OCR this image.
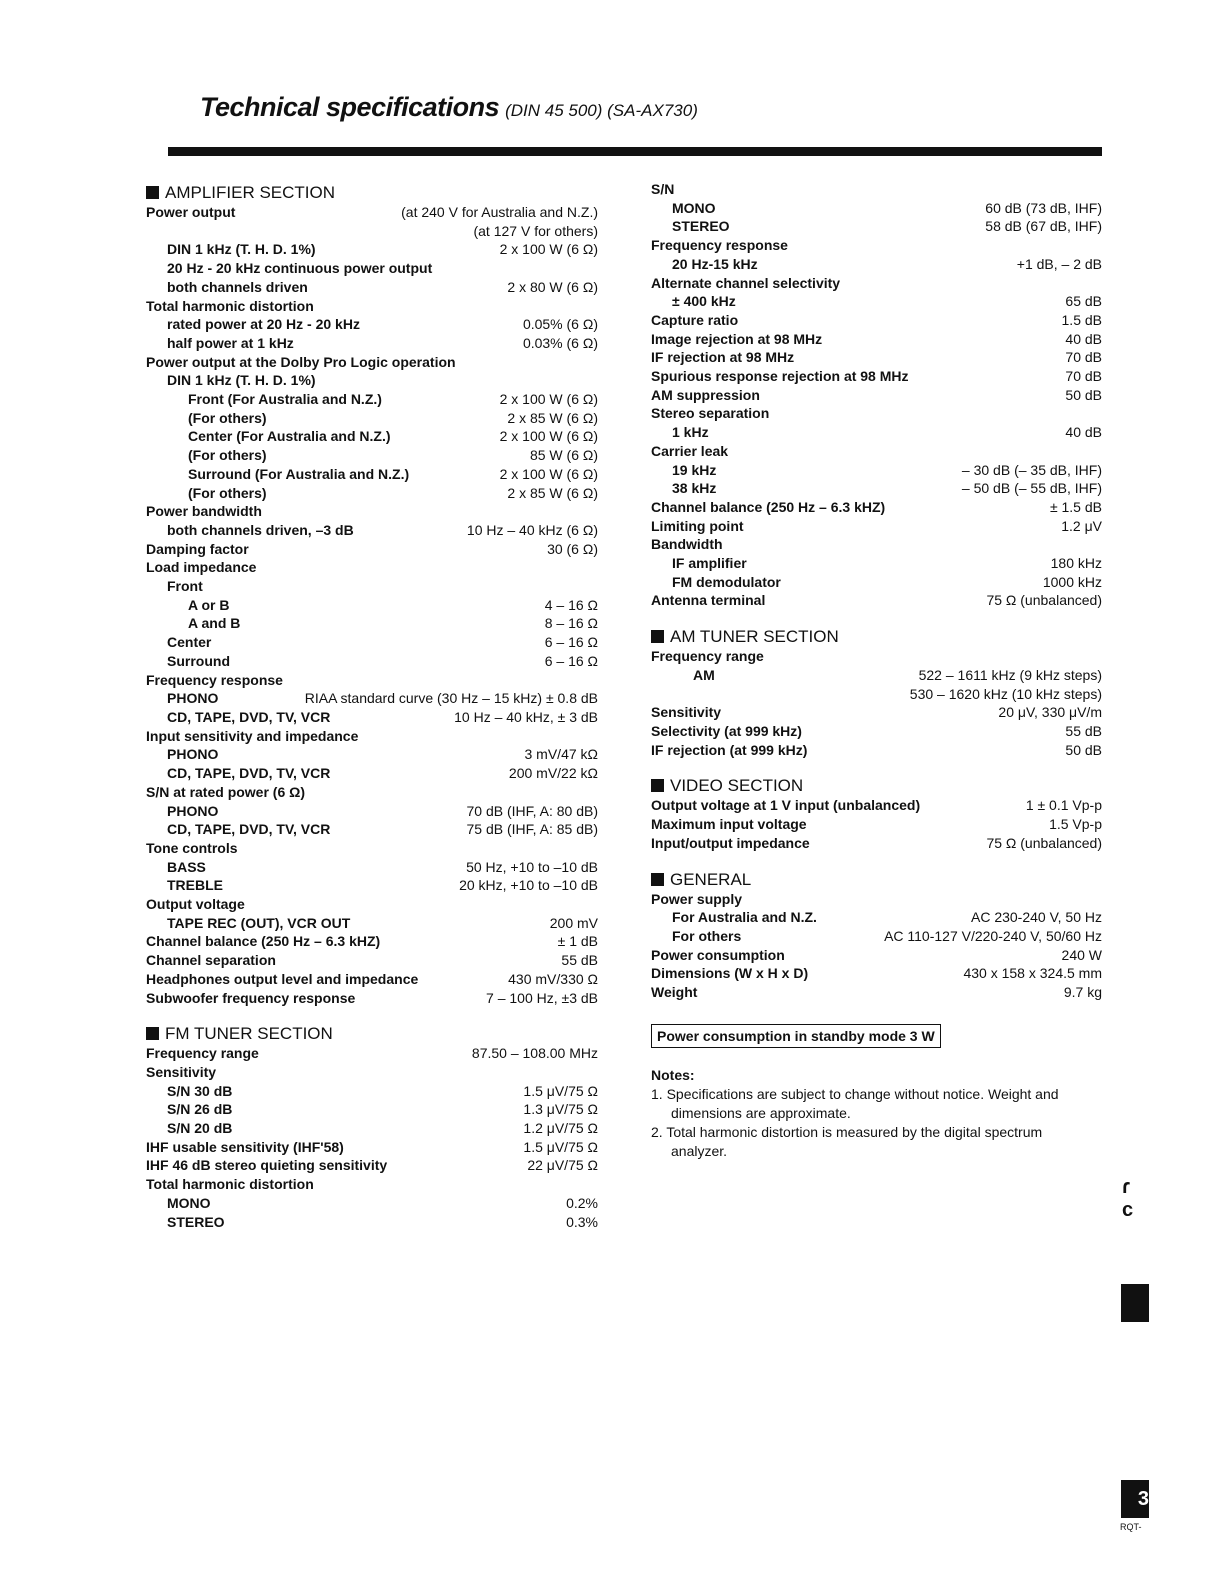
Technical specifications (DIN 45 500) (SA-AX730)
AMPLIFIER SECTION
Power output	(at 240 V for Australia and N.Z.)
(at 127 V for others)
DIN 1 kHz (T. H. D. 1%)	2 x 100 W (6 Ω)
20 Hz - 20 kHz continuous power output
both channels driven	2 x 80 W (6 Ω)
Total harmonic distortion
rated power at 20 Hz - 20 kHz	0.05% (6 Ω)
half power at 1 kHz	0.03% (6 Ω)
Power output at the Dolby Pro Logic operation
DIN 1 kHz (T. H. D. 1%)
Front (For Australia and N.Z.)	2 x 100 W (6 Ω)
(For others)	2 x 85 W (6 Ω)
Center (For Australia and N.Z.)	2 x 100 W (6 Ω)
(For others)	85 W (6 Ω)
Surround (For Australia and N.Z.)	2 x 100 W (6 Ω)
(For others)	2 x 85 W (6 Ω)
Power bandwidth
both channels driven, –3 dB	10 Hz – 40 kHz (6 Ω)
Damping factor	30 (6 Ω)
Load impedance
Front
A or B	4 – 16 Ω
A and B	8 – 16 Ω
Center	6 – 16 Ω
Surround	6 – 16 Ω
Frequency response
PHONO	RIAA standard curve (30 Hz – 15 kHz) ± 0.8 dB
CD, TAPE, DVD, TV, VCR	10 Hz – 40 kHz, ± 3 dB
Input sensitivity and impedance
PHONO	3 mV/47 kΩ
CD, TAPE, DVD, TV, VCR	200 mV/22 kΩ
S/N at rated power (6 Ω)
PHONO	70 dB (IHF, A: 80 dB)
CD, TAPE, DVD, TV, VCR	75 dB (IHF, A: 85 dB)
Tone controls
BASS	50 Hz, +10 to –10 dB
TREBLE	20 kHz, +10 to –10 dB
Output voltage
TAPE REC (OUT), VCR OUT	200 mV
Channel balance (250 Hz – 6.3 kHZ)	± 1 dB
Channel separation	55 dB
Headphones output level and impedance	430 mV/330 Ω
Subwoofer frequency response	7 – 100 Hz, ±3 dB
FM TUNER SECTION
Frequency range	87.50 – 108.00 MHz
Sensitivity
S/N 30 dB	1.5 μV/75 Ω
S/N 26 dB	1.3 μV/75 Ω
S/N 20 dB	1.2 μV/75 Ω
IHF usable sensitivity (IHF'58)	1.5 μV/75 Ω
IHF 46 dB stereo quieting sensitivity	22 μV/75 Ω
Total harmonic distortion
MONO	0.2%
STEREO	0.3%
S/N
MONO	60 dB (73 dB, IHF)
STEREO	58 dB (67 dB, IHF)
Frequency response
20 Hz-15 kHz	+1 dB, – 2 dB
Alternate channel selectivity
± 400 kHz	65 dB
Capture ratio	1.5 dB
Image rejection at 98 MHz	40 dB
IF rejection at 98 MHz	70 dB
Spurious response rejection at 98 MHz	70 dB
AM suppression	50 dB
Stereo separation
1 kHz	40 dB
Carrier leak
19 kHz	– 30 dB (– 35 dB, IHF)
38 kHz	– 50 dB (– 55 dB, IHF)
Channel balance (250 Hz – 6.3 kHZ)	± 1.5 dB
Limiting point	1.2 μV
Bandwidth
IF amplifier	180 kHz
FM demodulator	1000 kHz
Antenna terminal	75 Ω (unbalanced)
AM TUNER SECTION
Frequency range
AM	522 – 1611 kHz (9 kHz steps)
530 – 1620 kHz (10 kHz steps)
Sensitivity	20 μV, 330 μV/m
Selectivity (at 999 kHz)	55 dB
IF rejection (at 999 kHz)	50 dB
VIDEO SECTION
Output voltage at 1 V input (unbalanced)	1 ± 0.1 Vp-p
Maximum input voltage	1.5 Vp-p
Input/output impedance	75 Ω (unbalanced)
GENERAL
Power supply
For Australia and N.Z.	AC 230-240 V, 50 Hz
For others	AC 110-127 V/220-240 V, 50/60 Hz
Power consumption	240 W
Dimensions (W x H x D)	430 x 158 x 324.5 mm
Weight	9.7 kg
Power consumption in standby mode 3 W
Notes:
1. Specifications are subject to change without notice. Weight and dimensions are approximate.
2. Total harmonic distortion is measured by the digital spectrum analyzer.
ɾ
c
3
RQT-
